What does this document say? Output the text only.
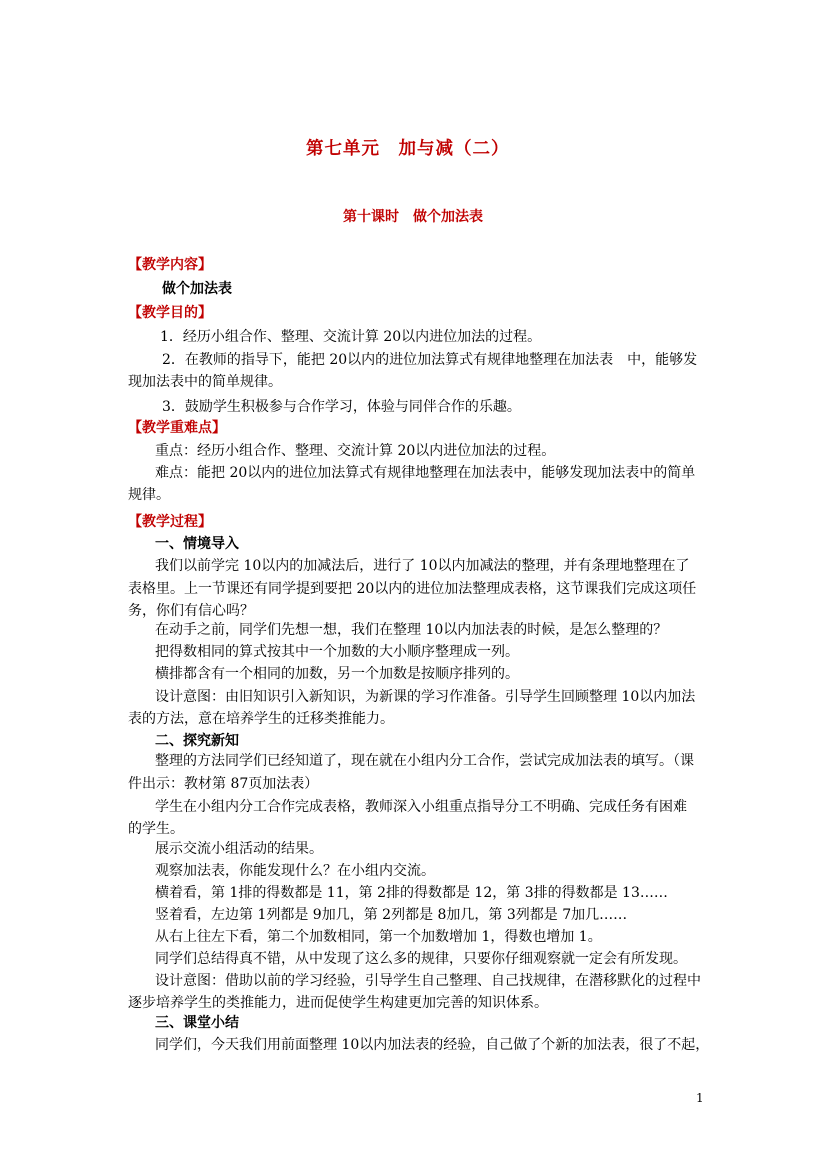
第七单元　加与减（二）
第十课时　做个加法表
【教学内容】
做个加法表
【教学目的】
1．经历小组合作、整理、交流计算 20以内进位加法的过程。
2．在教师的指导下，能把 20以内的进位加法算式有规律地整理在加法表　中，能够发
现加法表中的简单规律。
3．鼓励学生积极参与合作学习，体验与同伴合作的乐趣。
【教学重难点】
重点：经历小组合作、整理、交流计算 20以内进位加法的过程。
难点：能把 20以内的进位加法算式有规律地整理在加法表中，能够发现加法表中的简单
规律。
【教学过程】
一、情境导入
我们以前学完 10以内的加减法后，进行了 10以内加减法的整理，并有条理地整理在了
表格里。上一节课还有同学提到要把 20以内的进位加法整理成表格，这节课我们完成这项任
务，你们有信心吗？
在动手之前，同学们先想一想，我们在整理 10以内加法表的时候，是怎么整理的？
把得数相同的算式按其中一个加数的大小顺序整理成一列。
横排都含有一个相同的加数，另一个加数是按顺序排列的。
设计意图：由旧知识引入新知识，为新课的学习作准备。引导学生回顾整理 10以内加法
表的方法，意在培养学生的迁移类推能力。
二、探究新知
整理的方法同学们已经知道了，现在就在小组内分工合作，尝试完成加法表的填写。（课
件出示：教材第 87页加法表）
学生在小组内分工合作完成表格，教师深入小组重点指导分工不明确、完成任务有困难
的学生。
展示交流小组活动的结果。
观察加法表，你能发现什么？在小组内交流。
横着看，第 1排的得数都是 11，第 2排的得数都是 12，第 3排的得数都是 13……
竖着看，左边第 1列都是 9加几，第 2列都是 8加几，第 3列都是 7加几……
从右上往左下看，第二个加数相同，第一个加数增加 1，得数也增加 1。
同学们总结得真不错，从中发现了这么多的规律，只要你仔细观察就一定会有所发现。
设计意图：借助以前的学习经验，引导学生自己整理、自己找规律，在潜移默化的过程中
逐步培养学生的类推能力，进而促使学生构建更加完善的知识体系。
三、课堂小结
同学们，今天我们用前面整理 10以内加法表的经验，自己做了个新的加法表，很了不起，
1
